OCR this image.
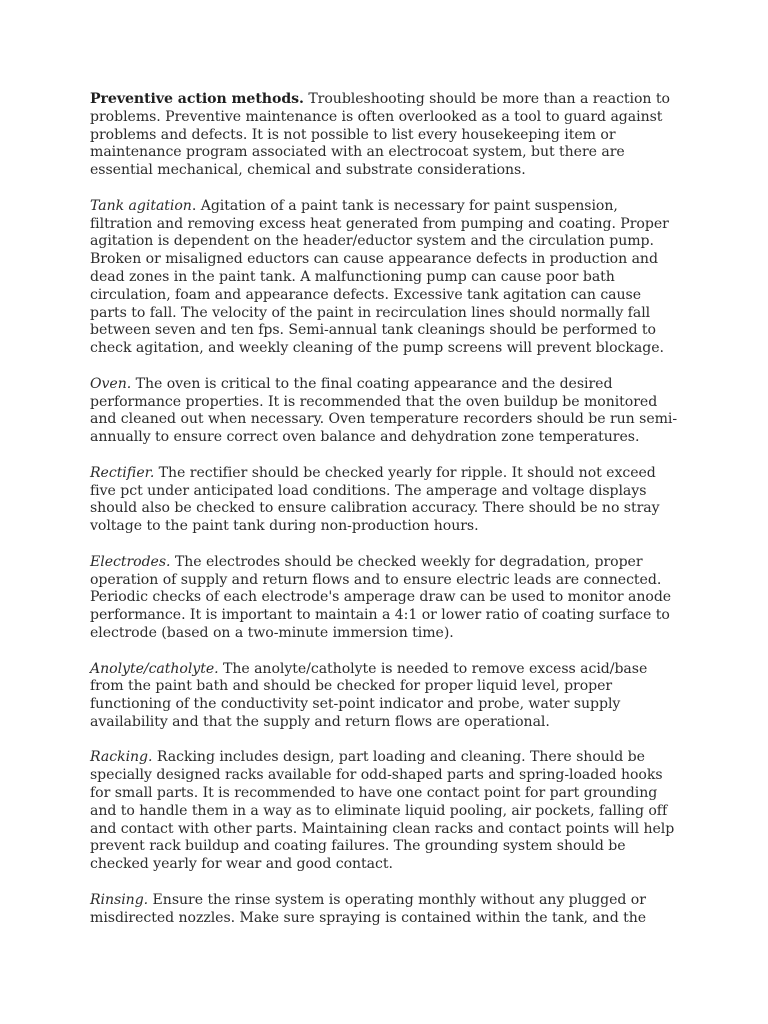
Preventive action methods. Troubleshooting should be more than a reaction to problems. Preventive maintenance is often overlooked as a tool to guard against problems and defects. It is not possible to list every housekeeping item or maintenance program associated with an electrocoat system, but there are essential mechanical, chemical and substrate considerations.

Tank agitation. Agitation of a paint tank is necessary for paint suspension, filtration and removing excess heat generated from pumping and coating. Proper agitation is dependent on the header/eductor system and the circulation pump. Broken or misaligned eductors can cause appearance defects in production and dead zones in the paint tank. A malfunctioning pump can cause poor bath circulation, foam and appearance defects. Excessive tank agitation can cause parts to fall. The velocity of the paint in recirculation lines should normally fall between seven and ten fps. Semi-annual tank cleanings should be performed to check agitation, and weekly cleaning of the pump screens will prevent blockage.

Oven. The oven is critical to the final coating appearance and the desired performance properties. It is recommended that the oven buildup be monitored and cleaned out when necessary. Oven temperature recorders should be run semi-annually to ensure correct oven balance and dehydration zone temperatures.

Rectifier. The rectifier should be checked yearly for ripple. It should not exceed five pct under anticipated load conditions. The amperage and voltage displays should also be checked to ensure calibration accuracy. There should be no stray voltage to the paint tank during non-production hours.

Electrodes. The electrodes should be checked weekly for degradation, proper operation of supply and return flows and to ensure electric leads are connected. Periodic checks of each electrode's amperage draw can be used to monitor anode performance. It is important to maintain a 4:1 or lower ratio of coating surface to electrode (based on a two-minute immersion time).

Anolyte/catholyte. The anolyte/catholyte is needed to remove excess acid/base from the paint bath and should be checked for proper liquid level, proper functioning of the conductivity set-point indicator and probe, water supply availability and that the supply and return flows are operational.

Racking. Racking includes design, part loading and cleaning. There should be specially designed racks available for odd-shaped parts and spring-loaded hooks for small parts. It is recommended to have one contact point for part grounding and to handle them in a way as to eliminate liquid pooling, air pockets, falling off and contact with other parts. Maintaining clean racks and contact points will help prevent rack buildup and coating failures. The grounding system should be checked yearly for wear and good contact.

Rinsing. Ensure the rinse system is operating monthly without any plugged or misdirected nozzles. Make sure spraying is contained within the tank, and the
